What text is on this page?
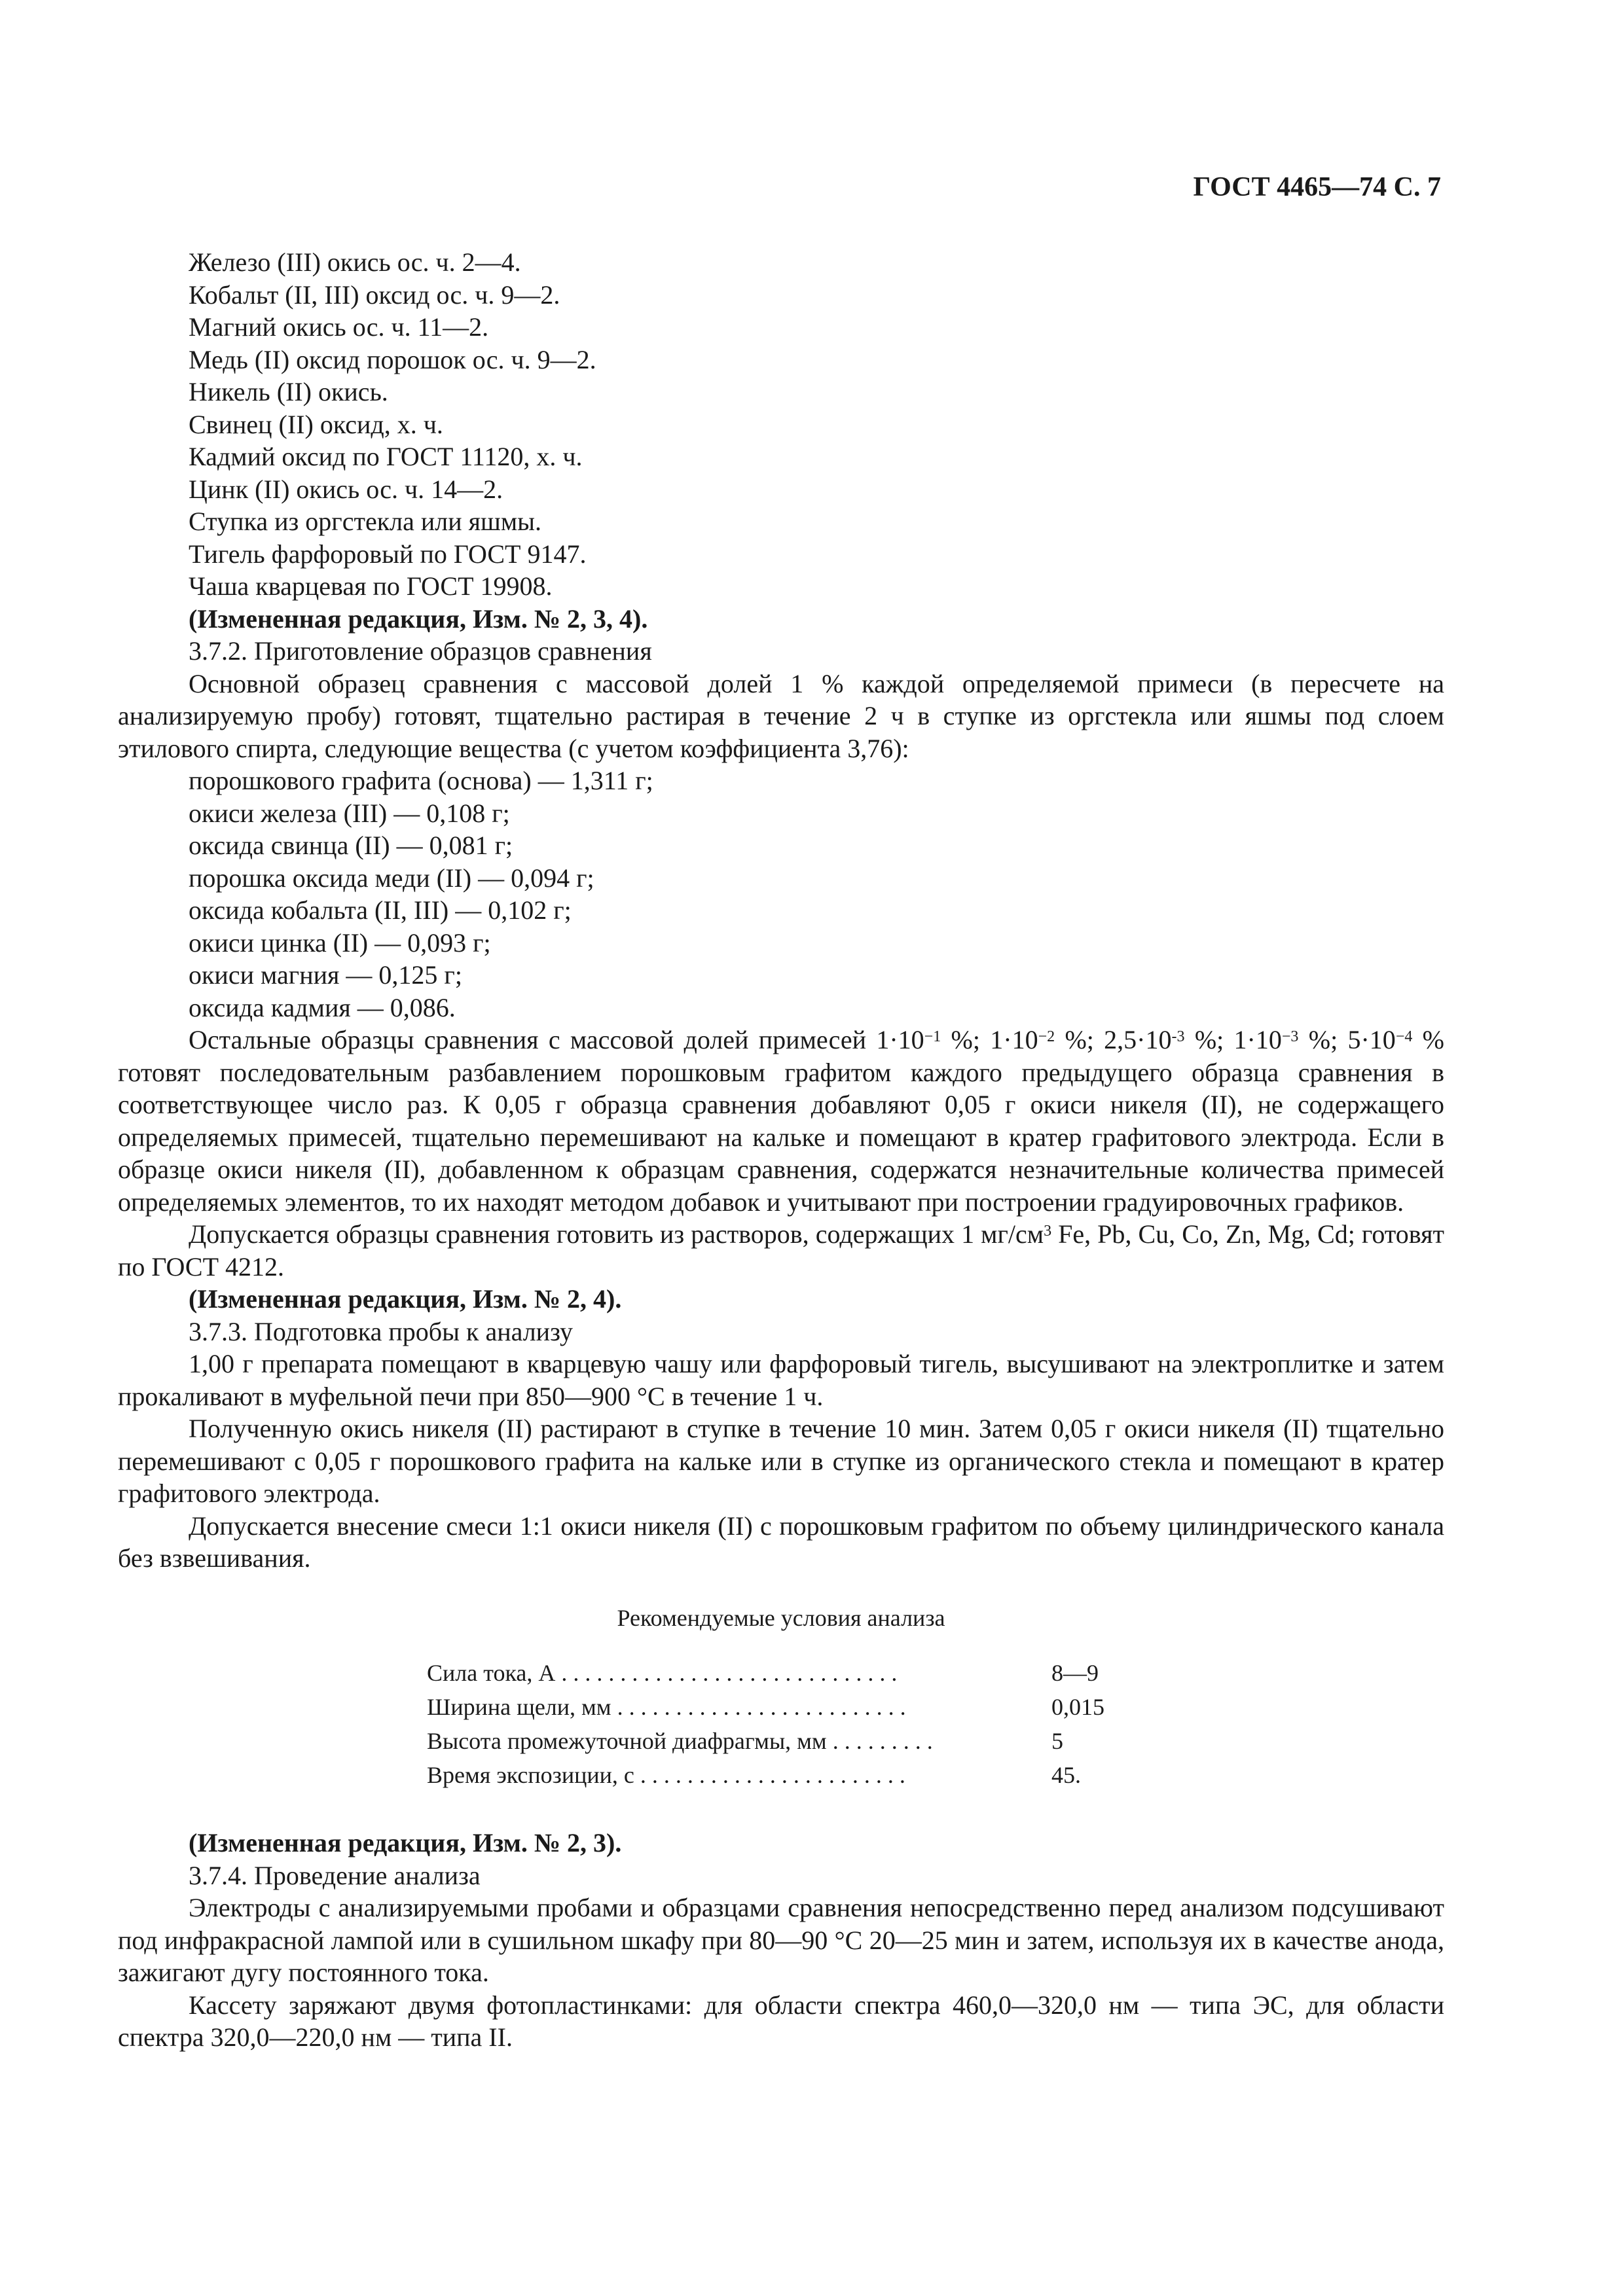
ГОСТ 4465—74 С. 7

Железо (III) окись ос. ч. 2—4.

Кобальт (II, III) оксид ос. ч. 9—2.

Магний окись ос. ч. 11—2.

Медь (II) оксид порошок ос. ч. 9—2.

Никель (II) окись.

Свинец (II) оксид, х. ч.

Кадмий оксид по ГОСТ 11120, х. ч.

Цинк (II) окись ос. ч. 14—2.

Ступка из оргстекла или яшмы.

Тигель фарфоровый по ГОСТ 9147.

Чаша кварцевая по ГОСТ 19908.

(Измененная редакция, Изм. № 2, 3, 4).

3.7.2. Приготовление образцов сравнения

Основной образец сравнения с массовой долей 1 % каждой определяемой примеси (в пересчете на анализируемую пробу) готовят, тщательно растирая в течение 2 ч в ступке из оргстекла или яшмы под слоем этилового спирта, следующие вещества (с учетом коэффициента 3,76):

порошкового графита (основа) — 1,311 г;

окиси железа (III) — 0,108 г;

оксида свинца (II) — 0,081 г;

порошка оксида меди (II) — 0,094 г;

оксида кобальта (II, III) — 0,102 г;

окиси цинка (II) — 0,093 г;

окиси магния — 0,125 г;

оксида кадмия — 0,086.

Остальные образцы сравнения с массовой долей примесей $1\cdot 10^{-1}$ %; $1\cdot 10^{-2}$ %; $2,5\cdot 10^{-3}$ %; $1\cdot 10^{-3}$ %; $5\cdot 10^{-4}$ % готовят последовательным разбавлением порошковым графитом каждого предыдущего образца сравнения в соответствующее число раз. К 0,05 г образца сравнения добавляют 0,05 г окиси никеля (II), не содержащего определяемых примесей, тщательно перемешивают на кальке и помещают в кратер графитового электрода. Если в образце окиси никеля (II), добавленном к образцам сравнения, содержатся незначительные количества примесей определяемых элементов, то их находят методом добавок и учитывают при построении градуировочных графиков.

Допускается образцы сравнения готовить из растворов, содержащих 1 $мг/см^3$ Fe, Pb, Cu, Co, Zn, Mg, Cd; готовят по ГОСТ 4212.

(Измененная редакция, Изм. № 2, 4).

3.7.3. Подготовка пробы к анализу

1,00 г препарата помещают в кварцевую чашу или фарфоровый тигель, высушивают на электроплитке и затем прокаливают в муфельной печи при 850—900 °С в течение 1 ч.

Полученную окись никеля (II) растирают в ступке в течение 10 мин. Затем 0,05 г окиси никеля (II) тщательно перемешивают с 0,05 г порошкового графита на кальке или в ступке из органического стекла и помещают в кратер графитового электрода.

Допускается внесение смеси 1:1 окиси никеля (II) с порошковым графитом по объему цилиндрического канала без взвешивания.

Рекомендуемые условия анализа

Сила тока, А . . . . . . . . . . . . . . . . . . . . . . . . . . . . .	8—9
Ширина щели, мм . . . . . . . . . . . . . . . . . . . . . . . . .	0,015
Высота промежуточной диафрагмы, мм . . . . . . . . .	5
Время экспозиции, с . . . . . . . . . . . . . . . . . . . . . . .	45.

(Измененная редакция, Изм. № 2, 3).

3.7.4. Проведение анализа

Электроды с анализируемыми пробами и образцами сравнения непосредственно перед анализом подсушивают под инфракрасной лампой или в сушильном шкафу при 80—90 °С 20—25 мин и затем, используя их в качестве анода, зажигают дугу постоянного тока.

Кассету заряжают двумя фотопластинками: для области спектра 460,0—320,0 нм — типа ЭС, для области спектра 320,0—220,0 нм — типа II.
